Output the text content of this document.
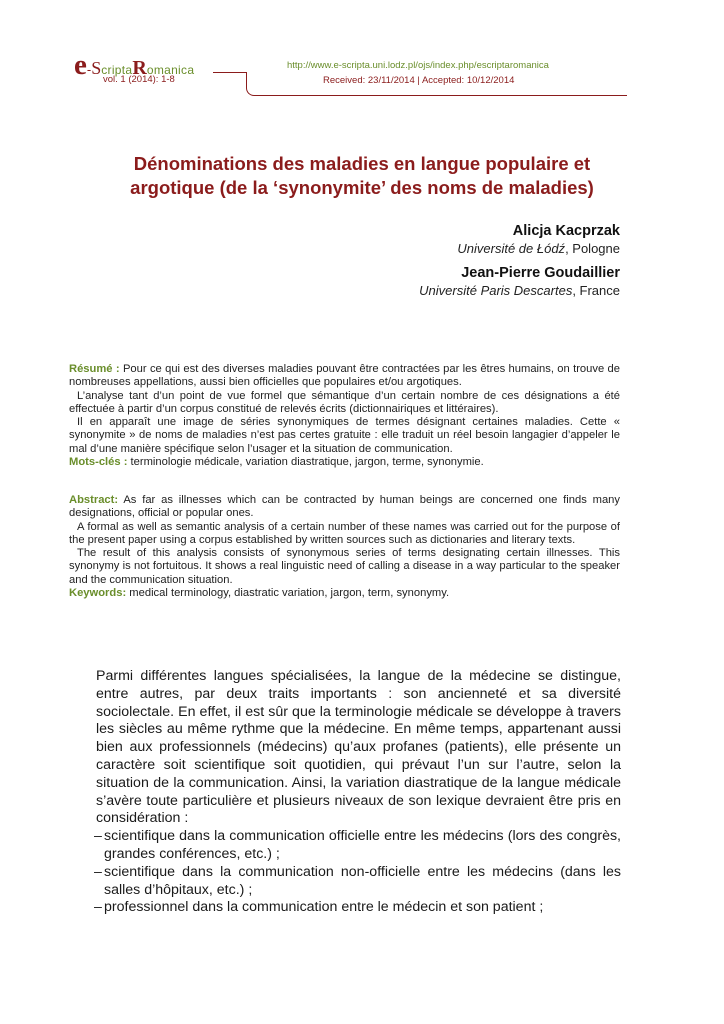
e-ScriptaRomanica
vol. 1 (2014): 1-8
http://www.e-scripta.uni.lodz.pl/ojs/index.php/escriptaromanica
Received: 23/11/2014 | Accepted: 10/12/2014
Dénominations des maladies en langue populaire et argotique (de la ‘synonymite’ des noms de maladies)
Alicja Kacprzak
Université de Łódź, Pologne
Jean-Pierre Goudaillier
Université Paris Descartes, France

Résumé : Pour ce qui est des diverses maladies pouvant être contractées par les êtres humains, on trouve de nombreuses appellations, aussi bien officielles que populaires et/ou argotiques.

L’analyse tant d’un point de vue formel que sémantique d’un certain nombre de ces désignations a été effectuée à partir d’un corpus constitué de relevés écrits (dictionnairiques et littéraires).

Il en apparaît une image de séries synonymiques de termes désignant certaines maladies. Cette « synonymite » de noms de maladies n’est pas certes gratuite : elle traduit un réel besoin langagier d’appeler le mal d’une manière spécifique selon l’usager et la situation de communication.

Mots-clés : terminologie médicale, variation diastratique, jargon, terme, synonymie.

Abstract: As far as illnesses which can be contracted by human beings are concerned one finds many designations, official or popular ones.

A formal as well as semantic analysis of a certain number of these names was carried out for the purpose of the present paper using a corpus established by written sources such as dictionaries and literary texts.

The result of this analysis consists of synonymous series of terms designating certain illnesses. This synonymy is not fortuitous. It shows a real linguistic need of calling a disease in a way particular to the speaker and the communication situation.

Keywords: medical terminology, diastratic variation, jargon, term, synonymy.

Parmi différentes langues spécialisées, la langue de la médecine se distingue, entre autres, par deux traits importants : son ancienneté et sa diversité sociolectale. En effet, il est sûr que la terminologie médicale se développe à travers les siècles au même rythme que la médecine. En même temps, appartenant aussi bien aux professionnels (médecins) qu’aux profanes (patients), elle présente un caractère soit scientifique soit quotidien, qui prévaut l’un sur l’autre, selon la situation de la communication. Ainsi, la variation diastratique de la langue médicale s’avère toute particulière et plusieurs niveaux de son lexique devraient être pris en considération :

– scientifique dans la communication officielle entre les médecins (lors des congrès, grandes conférences, etc.) ;
– scientifique dans la communication non-officielle entre les médecins (dans les salles d’hôpitaux, etc.) ;
– professionnel dans la communication entre le médecin et son patient ;
